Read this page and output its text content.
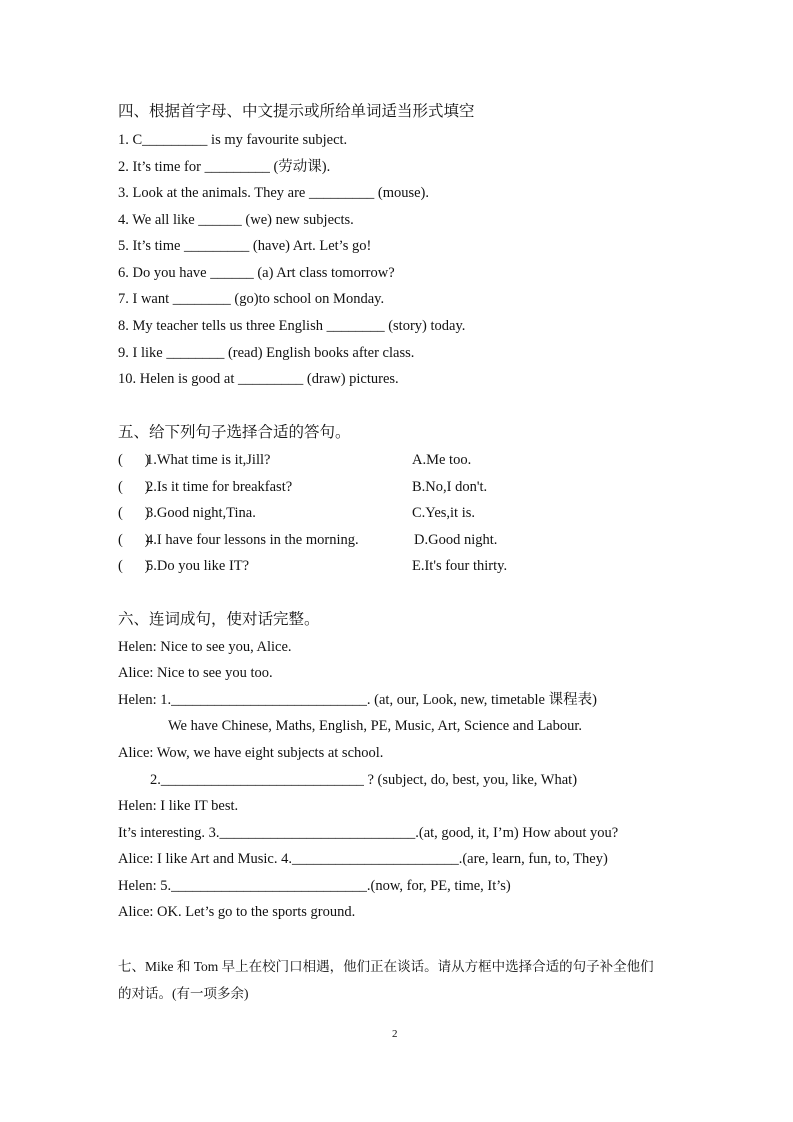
四、根据首字母、中文提示或所给单词适当形式填空
1. C_________ is my favourite subject.
2. It’s time for _________ (劳动课).
3. Look at the animals. They are _________ (mouse).
4. We all like ______ (we) new subjects.
5. It’s time _________ (have) Art. Let’s go!
6. Do you have ______ (a) Art class tomorrow?
7. I want ________ (go)to school on Monday.
8. My teacher tells us three English ________ (story) today.
9. I like ________ (read) English books after class.
10. Helen is good at _________ (draw) pictures.
五、给下列句子选择合适的答句。
(      )
1.What time is it,Jill?	A.Me too.
(      )
2.Is it time for breakfast?	B.No,I don't.
(      )
3.Good night,Tina.	C.Yes,it is.
(      )
4.I have four lessons in the morning.	D.Good night.
(      )
5.Do you like IT?	E.It's four thirty.
六、连词成句，使对话完整。
Helen: Nice to see you, Alice.
Alice: Nice to see you too.
Helen: 1.___________________________. (at, our, Look, new, timetable 课程表)
We have Chinese, Maths, English, PE, Music, Art, Science and Labour.
Alice: Wow, we have eight subjects at school.
2.____________________________ ? (subject, do, best, you, like, What)
Helen: I like IT best.
It’s interesting. 3.___________________________.(at, good, it, I’m) How about you?
Alice: I like Art and Music. 4._______________________.(are, learn, fun, to, They)
Helen: 5.___________________________.(now, for, PE, time, It’s)
Alice: OK. Let’s go to the sports ground.
七、Mike 和 Tom 早上在校门口相遇，他们正在谈话。请从方框中选择合适的句子补全他们
的对话。(有一项多余)
2
